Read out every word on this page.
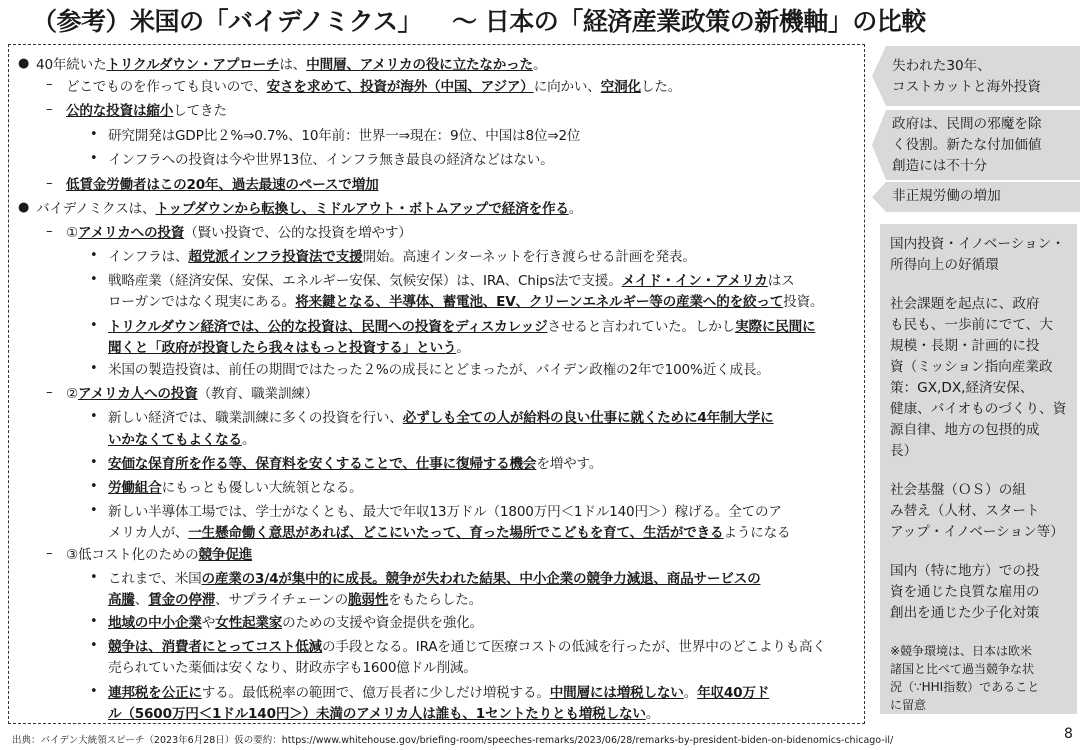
（参考）米国の「バイデノミクス」 ～ 日本の「経済産業政策の新機軸」の比較
●
–
–
•
•
–
●
–
•
•
•
•
–
•
•
•
•
–
•
•
•
•
40年続いたトリクルダウン・アプローチは、中間層、アメリカの役に立たなかった。
どこでものを作っても良いので、安さを求めて、投資が海外（中国、アジア）に向かい、空洞化した。
公的な投資は縮小してきた
研究開発はGDP比２%⇒0.7%、10年前：世界一⇒現在：9位、中国は8位⇒2位
インフラへの投資は今や世界13位、インフラ無き最良の経済などはない。
低賃金労働者はこの20年、過去最速のペースで増加
バイデノミクスは、トップダウンから転換し、ミドルアウト・ボトムアップで経済を作る。
①アメリカへの投資（賢い投資で、公的な投資を増やす）
インフラは、超党派インフラ投資法で支援開始。高速インターネットを行き渡らせる計画を発表。
戦略産業（経済安保、安保、エネルギー安保、気候安保）は、IRA、Chips法で支援。メイド・イン・アメリカはス
ローガンではなく現実にある。将来鍵となる、半導体、蓄電池、EV、クリーンエネルギー等の産業へ的を絞って投資。
トリクルダウン経済では、公的な投資は、民間への投資をディスカレッジさせると言われていた。しかし実際に民間に
聞くと「政府が投資したら我々はもっと投資する」という。
米国の製造投資は、前任の期間ではたった２%の成長にとどまったが、バイデン政権の2年で100%近く成長。
②アメリカ人への投資（教育、職業訓練）
新しい経済では、職業訓練に多くの投資を行い、必ずしも全ての人が給料の良い仕事に就くために4年制大学に
いかなくてもよくなる。
安価な保育所を作る等、保育料を安くすることで、仕事に復帰する機会を増やす。
労働組合にもっとも優しい大統領となる。
新しい半導体工場では、学士がなくとも、最大で年収13万ドル（1800万円＜1ドル140円＞）稼げる。全てのア
メリカ人が、一生懸命働く意思があれば、どこにいたって、育った場所でこどもを育て、生活ができるようになる
③低コスト化のための競争促進
これまで、米国の産業の3/4が集中的に成長。競争が失われた結果、中小企業の競争力減退、商品サービスの
高騰、賃金の停滞、サプライチェーンの脆弱性をもたらした。
地域の中小企業や女性起業家のための支援や資金提供を強化。
競争は、消費者にとってコスト低減の手段となる。IRAを通じて医療コストの低減を行ったが、世界中のどこよりも高く
売られていた薬価は安くなり、財政赤字も1600億ドル削減。
連邦税を公正にする。最低税率の範囲で、億万長者に少しだけ増税する。中間層には増税しない。年収40万ド
ル（5600万円＜1ドル140円＞）未満のアメリカ人は誰も、1セントたりとも増税しない。
失われた30年、
コストカットと海外投資
政府は、民間の邪魔を除
く役割。新たな付加価値
創造には不十分
非正規労働の増加
国内投資・イノベーション・
所得向上の好循環
社会課題を起点に、政府
も民も、一歩前にでて、大
規模・長期・計画的に投
資（ミッション指向産業政
策：GX,DX,経済安保、
健康、バイオものづくり、資
源自律、地方の包摂的成
長）
社会基盤（ＯＳ）の組
み替え（人材、スタート
アップ・イノベーション等）
国内（特に地方）での投
資を通じた良質な雇用の
創出を通じた少子化対策
※競争環境は、日本は欧米
諸国と比べて過当競争な状
況（∵HHI指数）であること
に留意
出典：バイデン大統領スピーチ（2023年6月28日）仮の要約：https://www.whitehouse.gov/briefing-room/speeches-remarks/2023/06/28/remarks-by-president-biden-on-bidenomics-chicago-il/	8
